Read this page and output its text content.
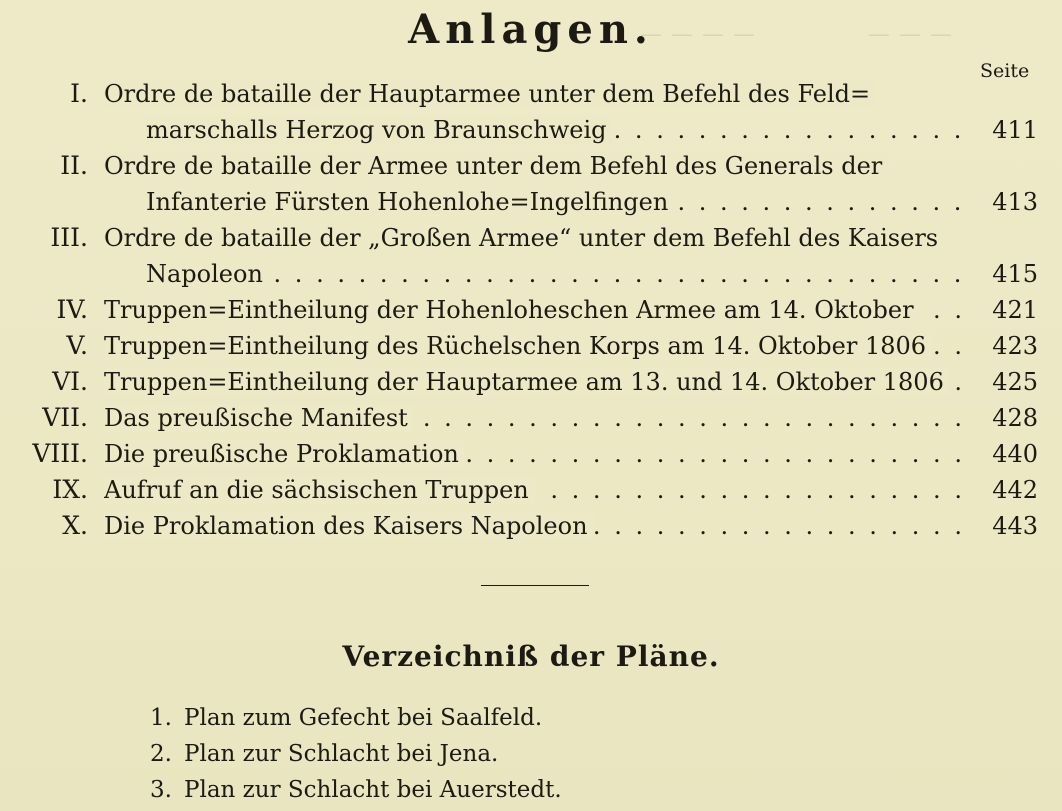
— — — —              — — —
Anlagen.
Seite
I. Ordre de bataille der Hauptarmee unter dem Befehl des Feld=
marschalls Herzog von Braunschweig . . .	411
II. Ordre de bataille der Armee unter dem Befehl des Generals der
Infanterie Fürsten Hohenlohe=Ingelfingen . . .	413
III. Ordre de bataille der „Großen Armee“ unter dem Befehl des Kaisers
Napoleon . . .	415
IV. Truppen=Eintheilung der Hohenloheschen Armee am 14. Oktober . . .	421
V. Truppen=Eintheilung des Rüchelschen Korps am 14. Oktober 1806 . . .	423
VI. Truppen=Eintheilung der Hauptarmee am 13. und 14. Oktober 1806 . . .	425
VII. Das preußische Manifest . . .	428
VIII. Die preußische Proklamation . . .	440
IX. Aufruf an die sächsischen Truppen . . .	442
X. Die Proklamation des Kaisers Napoleon . . .	443
Verzeichniß der Pläne.
1. Plan zum Gefecht bei Saalfeld.
2. Plan zur Schlacht bei Jena.
3. Plan zur Schlacht bei Auerstedt.
